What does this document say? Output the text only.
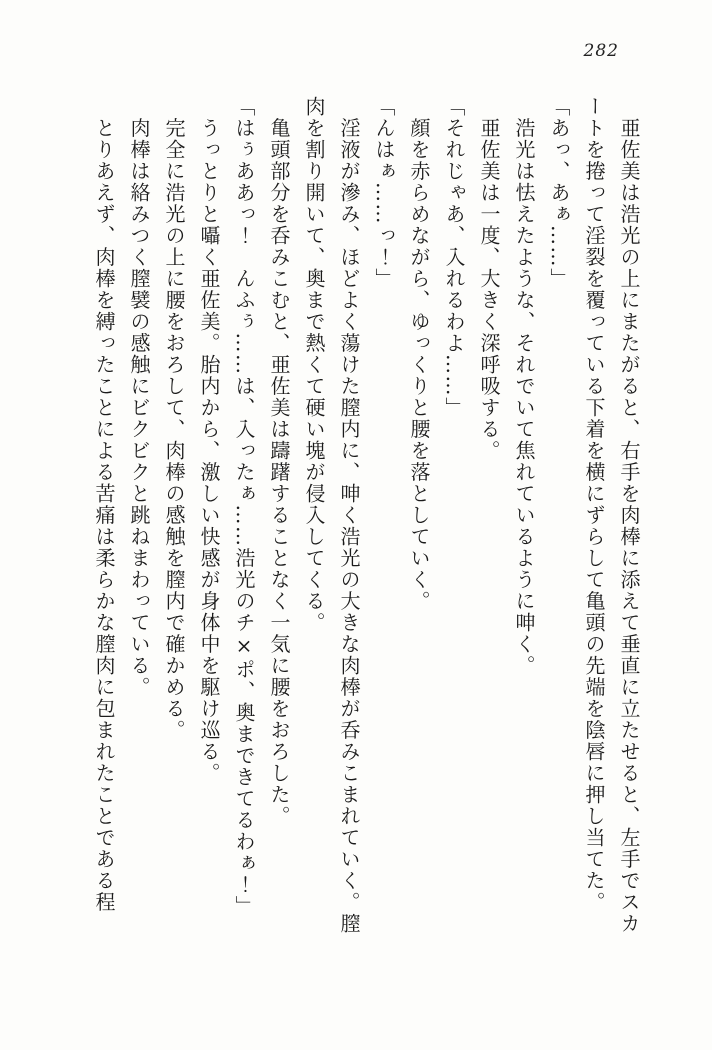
282

　亜佐美は浩光の上にまたがると、右手を肉棒に添えて垂直に立たせると、左手でスカートを捲って淫裂を覆っている下着を横にずらして亀頭の先端を陰唇に押し当てた。

「あっ、あぁ……」

　浩光は怯えたような、それでいて焦れているように呻く。

　亜佐美は一度、大きく深呼吸する。

「それじゃあ、入れるわよ……」

　顔を赤らめながら、ゆっくりと腰を落としていく。

「んはぁ……っ！」

　淫液が滲み、ほどよく蕩けた膣内に、呻く浩光の大きな肉棒が呑みこまれていく。膣肉を割り開いて、奥まで熱くて硬い塊が侵入してくる。

　亀頭部分を呑みこむと、亜佐美は躊躇することなく一気に腰をおろした。

「はぅああっ！　んふぅ……は、入ったぁ……浩光のチ×ポ、奥まできてるわぁ！」

　うっとりと囁く亜佐美。胎内から、激しい快感が身体中を駆け巡る。

　完全に浩光の上に腰をおろして、肉棒の感触を膣内で確かめる。

　肉棒は絡みつく膣襞の感触にビクビクと跳ねまわっている。

　とりあえず、肉棒を縛ったことによる苦痛は柔らかな膣肉に包まれたことである程
